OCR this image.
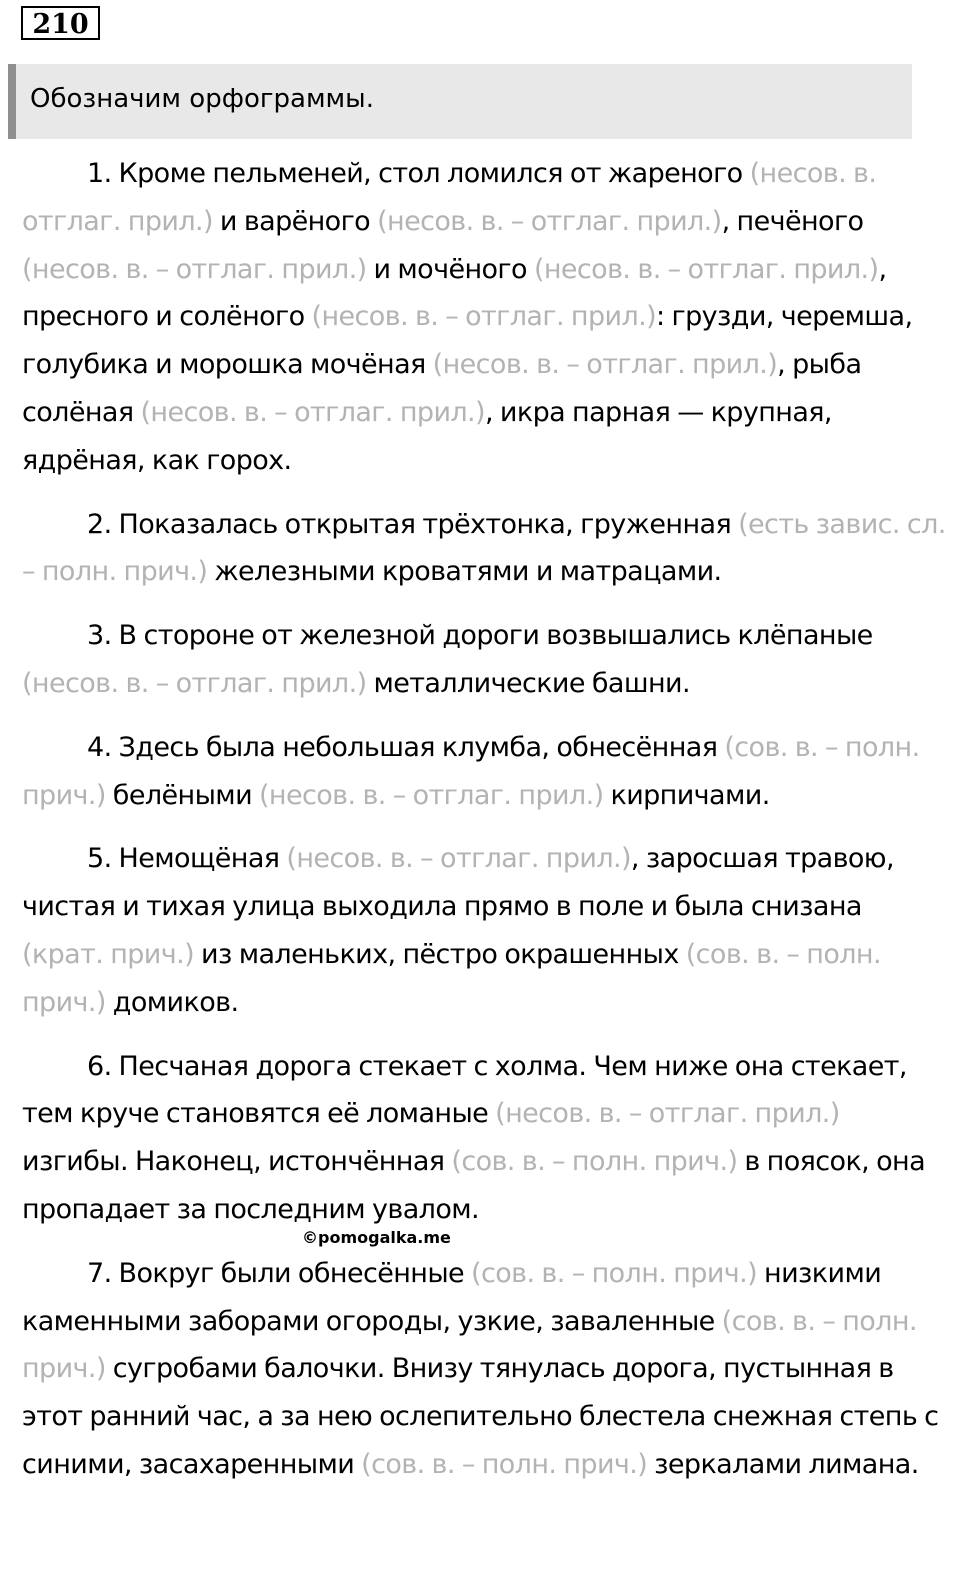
210
Обозначим орфограммы.

1. Кроме пельменей, стол ломился от жареного (несов. в. отглаг. прил.) и варёного (несов. в. – отглаг. прил.), печёного (несов. в. – отглаг. прил.) и мочёного (несов. в. – отглаг. прил.), пресного и солёного (несов. в. – отглаг. прил.): грузди, черемша, голубика и морошка мочёная (несов. в. – отглаг. прил.), рыба солёная (несов. в. – отглаг. прил.), икра парная — крупная, ядрёная, как горох.

2. Показалась открытая трёхтонка, груженная (есть завис. сл. – полн. прич.) железными кроватями и матрацами.

3. В стороне от железной дороги возвышались клёпаные (несов. в. – отглаг. прил.) металлические башни.

4. Здесь была небольшая клумба, обнесённая (сов. в. – полн. прич.) белёными (несов. в. – отглаг. прил.) кирпичами.

5. Немощёная (несов. в. – отглаг. прил.), заросшая травою, чистая и тихая улица выходила прямо в поле и была снизана (крат. прич.) из маленьких, пёстро окрашенных (сов. в. – полн. прич.) домиков.

6. Песчаная дорога стекает с холма. Чем ниже она стекает, тем круче становятся её ломаные (несов. в. – отглаг. прил.) изгибы. Наконец, истончённая (сов. в. – полн. прич.) в поясок, она пропадает за последним увалом.

7. Вокруг были обнесённые (сов. в. – полн. прич.) низкими каменными заборами огороды, узкие, заваленные (сов. в. – полн. прич.) сугробами балочки. Внизу тянулась дорога, пустынная в этот ранний час, а за нею ослепительно блестела снежная степь с синими, засахаренными (сов. в. – полн. прич.) зеркалами лимана.

©pomogalka.me
